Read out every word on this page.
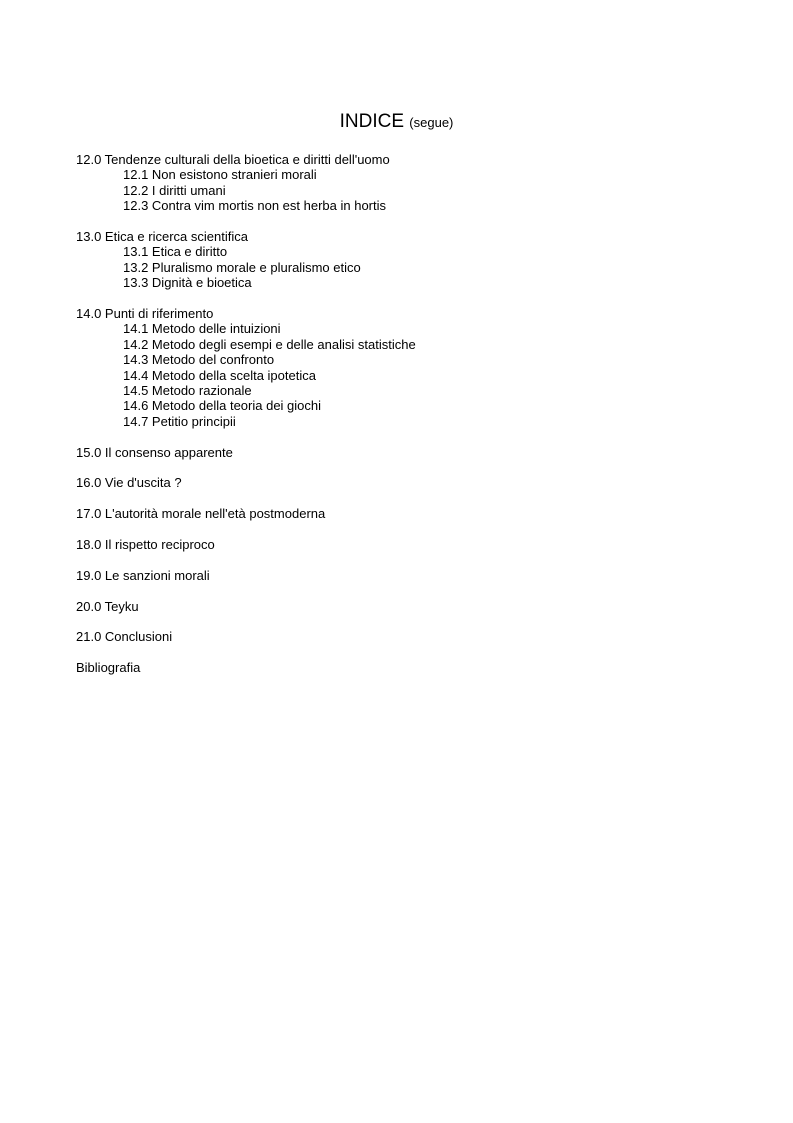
INDICE (segue)
12.0 Tendenze culturali della bioetica e diritti dell'uomo
12.1 Non esistono stranieri morali
12.2 I diritti umani
12.3 Contra vim mortis non est herba in hortis
13.0 Etica e ricerca scientifica
13.1 Etica e diritto
13.2 Pluralismo morale e pluralismo etico
13.3 Dignità e bioetica
14.0 Punti di riferimento
14.1 Metodo delle intuizioni
14.2 Metodo degli esempi e delle analisi statistiche
14.3 Metodo del confronto
14.4 Metodo della scelta ipotetica
14.5 Metodo razionale
14.6 Metodo della teoria dei giochi
14.7 Petitio principii
15.0 Il consenso apparente
16.0 Vie d'uscita ?
17.0 L'autorità morale nell'età postmoderna
18.0 Il rispetto reciproco
19.0 Le sanzioni morali
20.0 Teyku
21.0 Conclusioni
Bibliografia
